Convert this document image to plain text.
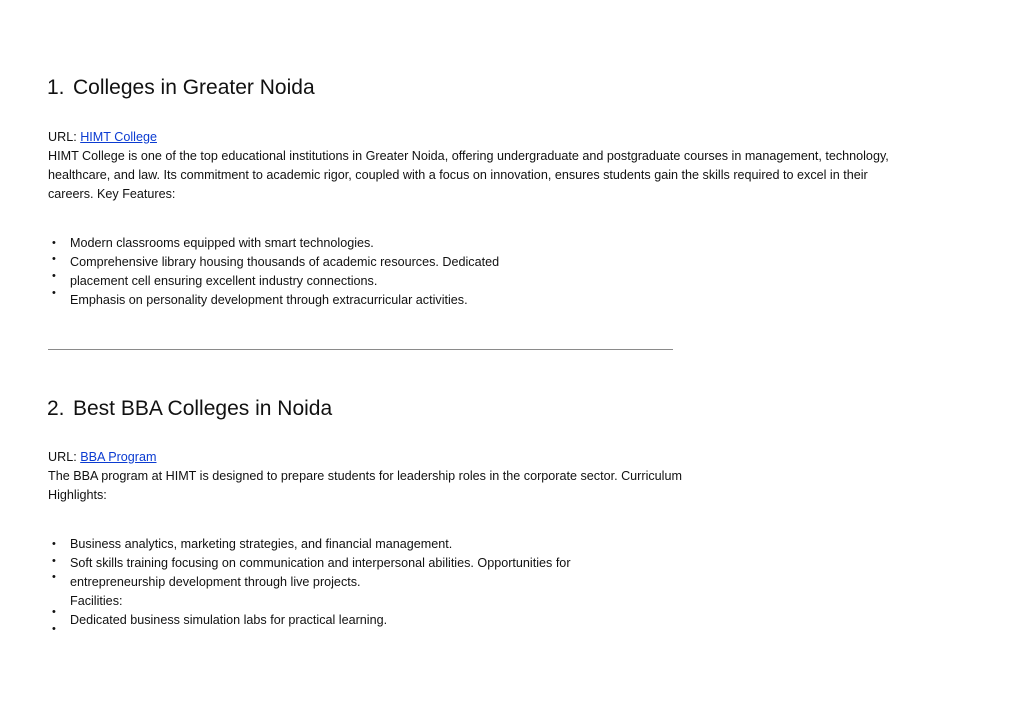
1. Colleges in Greater Noida
URL: HIMT College
HIMT College is one of the top educational institutions in Greater Noida, offering undergraduate and postgraduate courses in management, technology,
healthcare, and law. Its commitment to academic rigor, coupled with a focus on innovation, ensures students gain the skills required to excel in their
careers. Key Features:
Modern classrooms equipped with smart technologies.
Comprehensive library housing thousands of academic resources. Dedicated
placement cell ensuring excellent industry connections.
Emphasis on personality development through extracurricular activities.
•
•
•
•
2. Best BBA Colleges in Noida
URL: BBA Program
The BBA program at HIMT is designed to prepare students for leadership roles in the corporate sector. Curriculum
Highlights:
Business analytics, marketing strategies, and financial management.
Soft skills training focusing on communication and interpersonal abilities. Opportunities for
entrepreneurship development through live projects.
Facilities:
Dedicated business simulation labs for practical learning.
•
•
•
•
•
